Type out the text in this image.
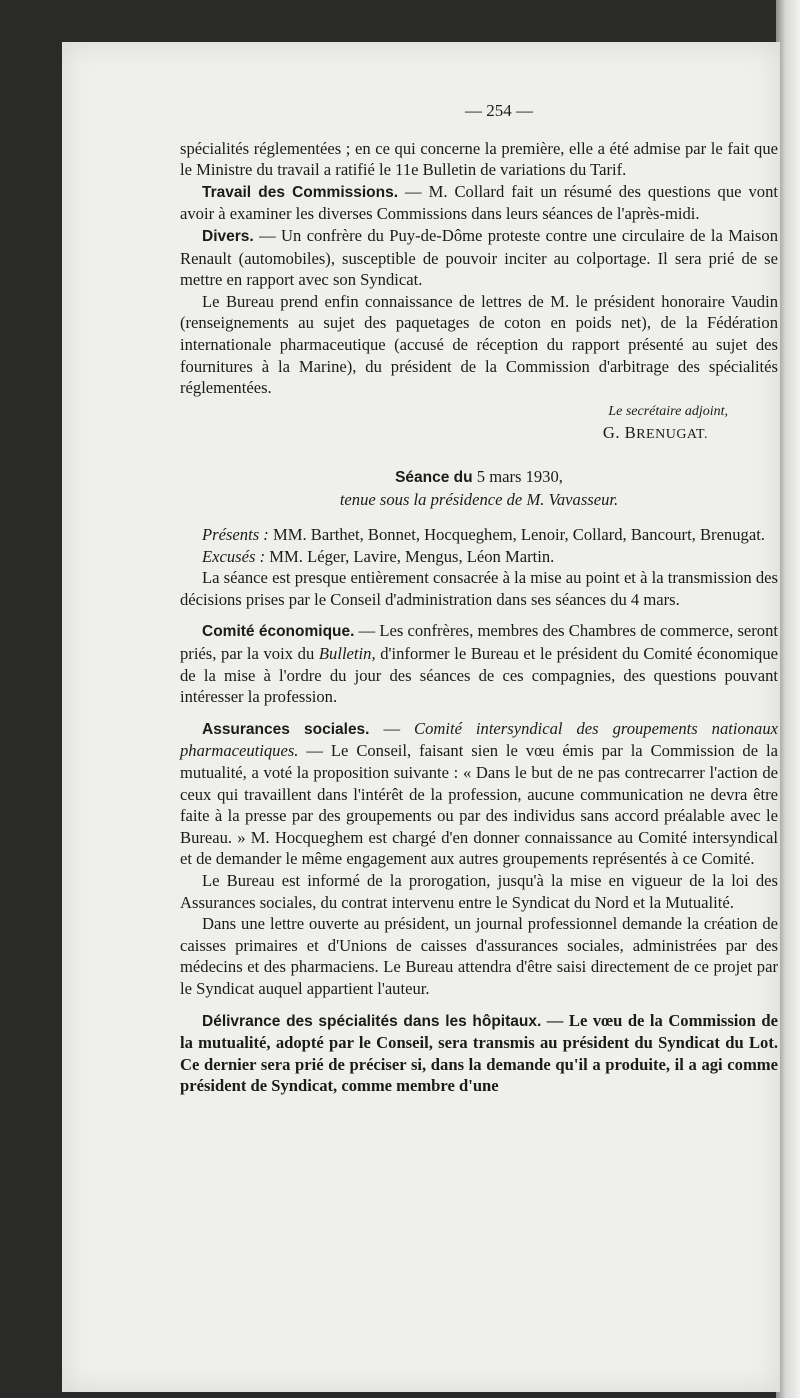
— 254 —

spécialités réglementées ; en ce qui concerne la première, elle a été admise par le fait que le Ministre du travail a ratifié le 11e Bulletin de variations du Tarif.

Travail des Commissions. — M. Collard fait un résumé des questions que vont avoir à examiner les diverses Commissions dans leurs séances de l'après-midi.

Divers. — Un confrère du Puy-de-Dôme proteste contre une circulaire de la Maison Renault (automobiles), susceptible de pouvoir inciter au colportage. Il sera prié de se mettre en rapport avec son Syndicat.

Le Bureau prend enfin connaissance de lettres de M. le président honoraire Vaudin (renseignements au sujet des paquetages de coton en poids net), de la Fédération internationale pharmaceutique (accusé de réception du rapport présenté au sujet des fournitures à la Marine), du président de la Commission d'arbitrage des spécialités réglementées.

Le secrétaire adjoint,
G. BRENUGAT.
Séance du 5 mars 1930,
tenue sous la présidence de M. Vavasseur.

Présents : MM. Barthet, Bonnet, Hocqueghem, Lenoir, Collard, Bancourt, Brenugat.

Excusés : MM. Léger, Lavire, Mengus, Léon Martin.

La séance est presque entièrement consacrée à la mise au point et à la transmission des décisions prises par le Conseil d'administration dans ses séances du 4 mars.

Comité économique. — Les confrères, membres des Chambres de commerce, seront priés, par la voix du Bulletin, d'informer le Bureau et le président du Comité économique de la mise à l'ordre du jour des séances de ces compagnies, des questions pouvant intéresser la profession.

Assurances sociales. — Comité intersyndical des groupements nationaux pharmaceutiques. — Le Conseil, faisant sien le vœu émis par la Commission de la mutualité, a voté la proposition suivante : « Dans le but de ne pas contrecarrer l'action de ceux qui travaillent dans l'intérêt de la profession, aucune communication ne devra être faite à la presse par des groupements ou par des individus sans accord préalable avec le Bureau. » M. Hocqueghem est chargé d'en donner connaissance au Comité intersyndical et de demander le même engagement aux autres groupements représentés à ce Comité.

Le Bureau est informé de la prorogation, jusqu'à la mise en vigueur de la loi des Assurances sociales, du contrat intervenu entre le Syndicat du Nord et la Mutualité.

Dans une lettre ouverte au président, un journal professionnel demande la création de caisses primaires et d'Unions de caisses d'assurances sociales, administrées par des médecins et des pharmaciens. Le Bureau attendra d'être saisi directement de ce projet par le Syndicat auquel appartient l'auteur.

Délivrance des spécialités dans les hôpitaux. — Le vœu de la Commission de la mutualité, adopté par le Conseil, sera transmis au président du Syndicat du Lot. Ce dernier sera prié de préciser si, dans la demande qu'il a produite, il a agi comme président de Syndicat, comme membre d'une
